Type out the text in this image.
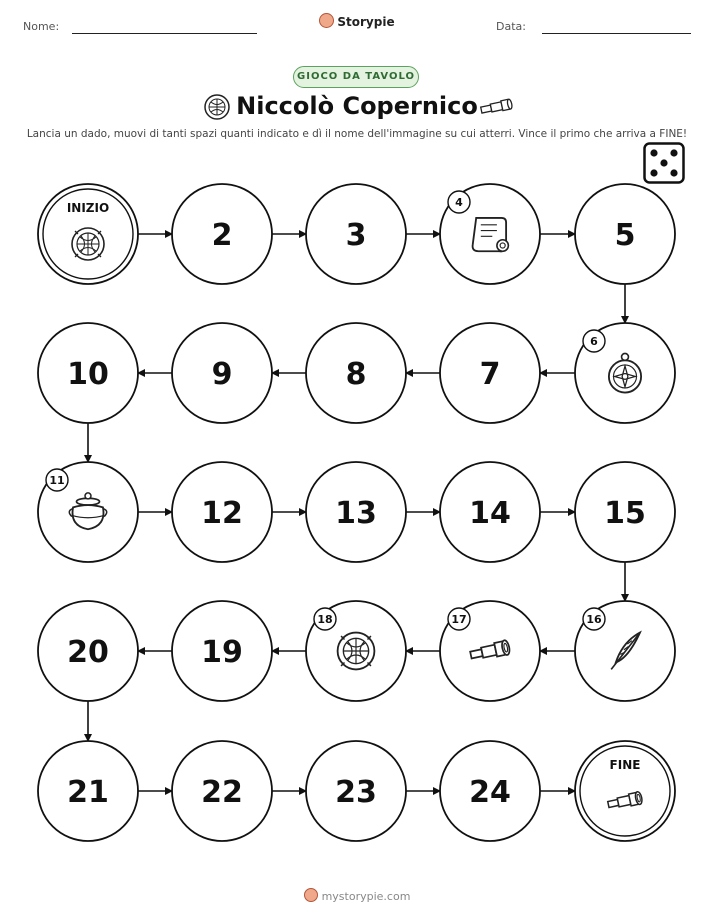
Nome:	Storypie	Data:
GIOCO DA TAVOLO
Niccolò Copernico
Lancia un dado, muovi di tanti spazi quanti indicato e dì il nome dell'immagine su cui atterri. Vince il primo che arriva a FINE!
INIZIO
2	3
4
5
6
7
8
9
10
11
12	13	14	15
16
17
18
19
20
21	22	23	24
FINE
mystorypie.com
